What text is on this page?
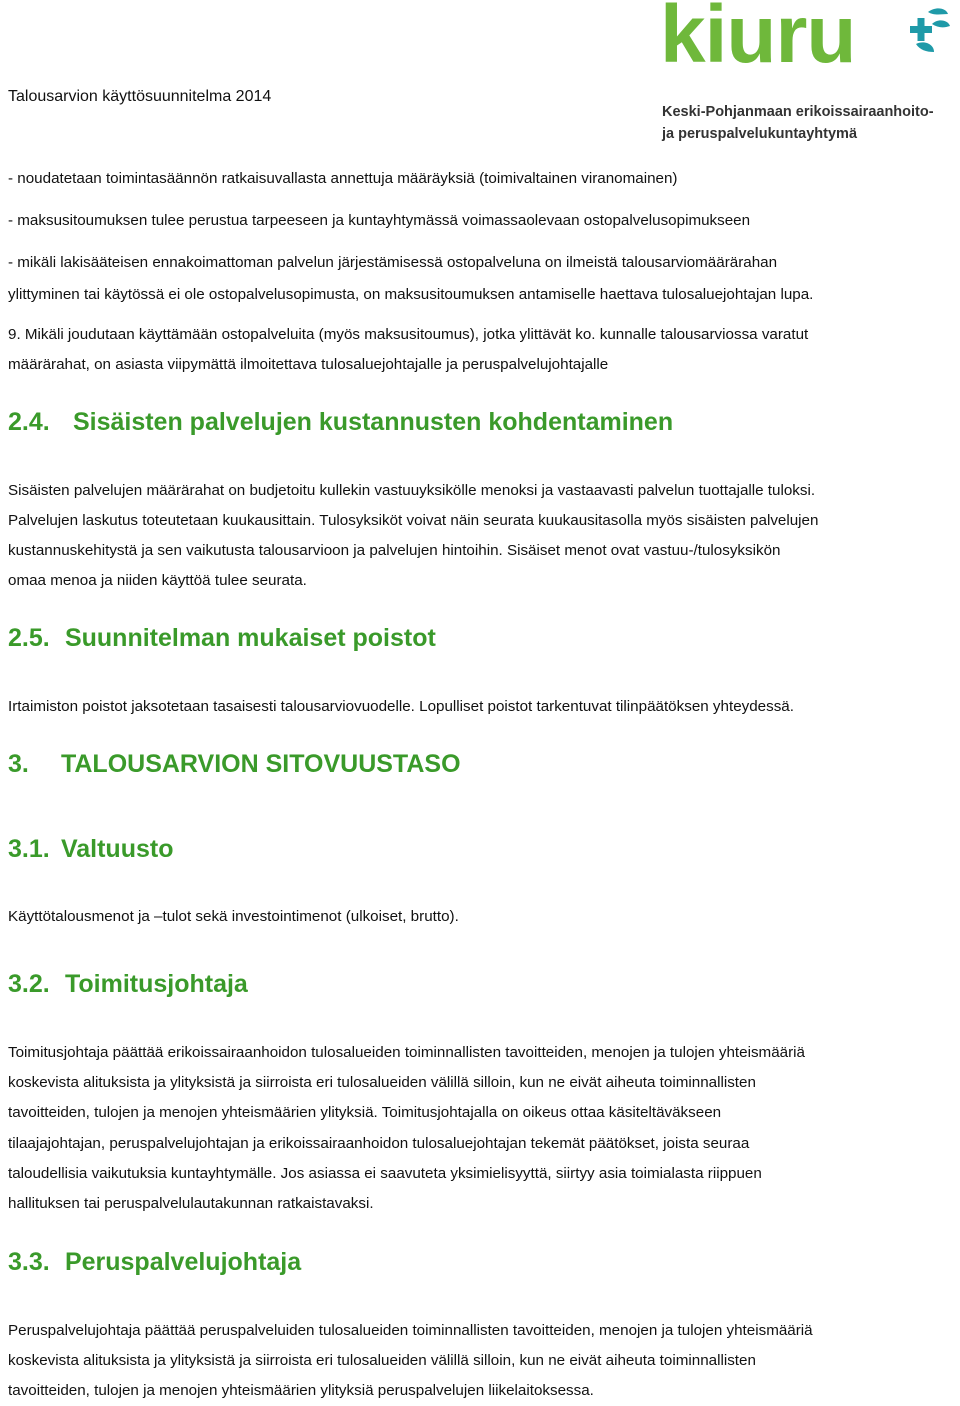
Talousarvion käyttösuunnitelma 2014
kiuru
Keski-Pohjanmaan erikoissairaanhoito-
ja peruspalvelukuntayhtymä
- noudatetaan toimintasäännön ratkaisuvallasta annettuja määräyksiä (toimivaltainen viranomainen)
- maksusitoumuksen tulee perustua tarpeeseen ja kuntayhtymässä voimassaolevaan ostopalvelusopimukseen
- mikäli lakisääteisen ennakoimattoman palvelun järjestämisessä ostopalveluna on ilmeistä talousarviomäärärahan
ylittyminen tai käytössä ei ole ostopalvelusopimusta, on maksusitoumuksen antamiselle haettava tulosaluejohtajan lupa.
9. Mikäli joudutaan käyttämään ostopalveluita (myös maksusitoumus), jotka ylittävät ko. kunnalle talousarviossa varatut
määrärahat, on asiasta viipymättä ilmoitettava tulosaluejohtajalle ja peruspalvelujohtajalle
2.4. Sisäisten palvelujen kustannusten kohdentaminen
Sisäisten palvelujen määrärahat on budjetoitu kullekin vastuuyksikölle menoksi ja vastaavasti palvelun tuottajalle tuloksi.
Palvelujen laskutus toteutetaan kuukausittain. Tulosyksiköt voivat näin seurata kuukausitasolla myös sisäisten palvelujen
kustannuskehitystä ja sen vaikutusta talousarvioon ja palvelujen hintoihin. Sisäiset menot ovat vastuu-/tulosyksikön
omaa menoa ja niiden käyttöä tulee seurata.
2.5. Suunnitelman mukaiset poistot
Irtaimiston poistot jaksotetaan tasaisesti talousarviovuodelle. Lopulliset poistot tarkentuvat tilinpäätöksen yhteydessä.
3. TALOUSARVION SITOVUUSTASO
3.1. Valtuusto
Käyttötalousmenot ja –tulot sekä investointimenot (ulkoiset, brutto).
3.2. Toimitusjohtaja
Toimitusjohtaja päättää erikoissairaanhoidon tulosalueiden toiminnallisten tavoitteiden, menojen ja tulojen yhteismääriä
koskevista alituksista ja ylityksistä ja siirroista eri tulosalueiden välillä silloin, kun ne eivät aiheuta toiminnallisten
tavoitteiden, tulojen ja menojen yhteismäärien ylityksiä. Toimitusjohtajalla on oikeus ottaa käsiteltäväkseen
tilaajajohtajan, peruspalvelujohtajan ja erikoissairaanhoidon tulosaluejohtajan tekemät päätökset, joista seuraa
taloudellisia vaikutuksia kuntayhtymälle. Jos asiassa ei saavuteta yksimielisyyttä, siirtyy asia toimialasta riippuen
hallituksen tai peruspalvelulautakunnan ratkaistavaksi.
3.3. Peruspalvelujohtaja
Peruspalvelujohtaja päättää peruspalveluiden tulosalueiden toiminnallisten tavoitteiden, menojen ja tulojen yhteismääriä
koskevista alituksista ja ylityksistä ja siirroista eri tulosalueiden välillä silloin, kun ne eivät aiheuta toiminnallisten
tavoitteiden, tulojen ja menojen yhteismäärien ylityksiä peruspalvelujen liikelaitoksessa.
